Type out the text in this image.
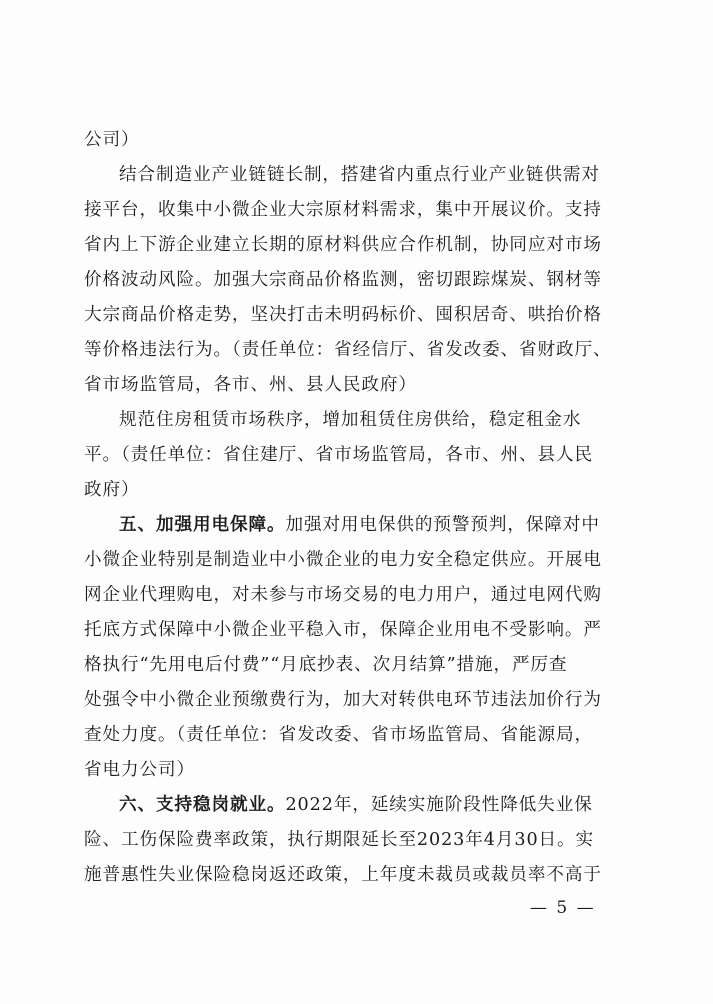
公司）
结合制造业产业链链长制，搭建省内重点行业产业链供需对
接平台，收集中小微企业大宗原材料需求，集中开展议价。支持
省内上下游企业建立长期的原材料供应合作机制，协同应对市场
价格波动风险。加强大宗商品价格监测，密切跟踪煤炭、钢材等
大宗商品价格走势，坚决打击未明码标价、囤积居奇、哄抬价格
等价格违法行为。（责任单位：省经信厅、省发改委、省财政厅、
省市场监管局，各市、州、县人民政府）
规范住房租赁市场秩序，增加租赁住房供给，稳定租金水
平。（责任单位：省住建厅、省市场监管局，各市、州、县人民
政府）
五、加强用电保障。加强对用电保供的预警预判，保障对中
小微企业特别是制造业中小微企业的电力安全稳定供应。开展电
网企业代理购电，对未参与市场交易的电力用户，通过电网代购
托底方式保障中小微企业平稳入市，保障企业用电不受影响。严
格执行“先用电后付费”“月底抄表、次月结算”措施，严厉查
处强令中小微企业预缴费行为，加大对转供电环节违法加价行为
查处力度。（责任单位：省发改委、省市场监管局、省能源局，
省电力公司）
六、支持稳岗就业。2022年，延续实施阶段性降低失业保
险、工伤保险费率政策，执行期限延长至2023年4月30日。实
施普惠性失业保险稳岗返还政策，上年度未裁员或裁员率不高于
— 5 —
